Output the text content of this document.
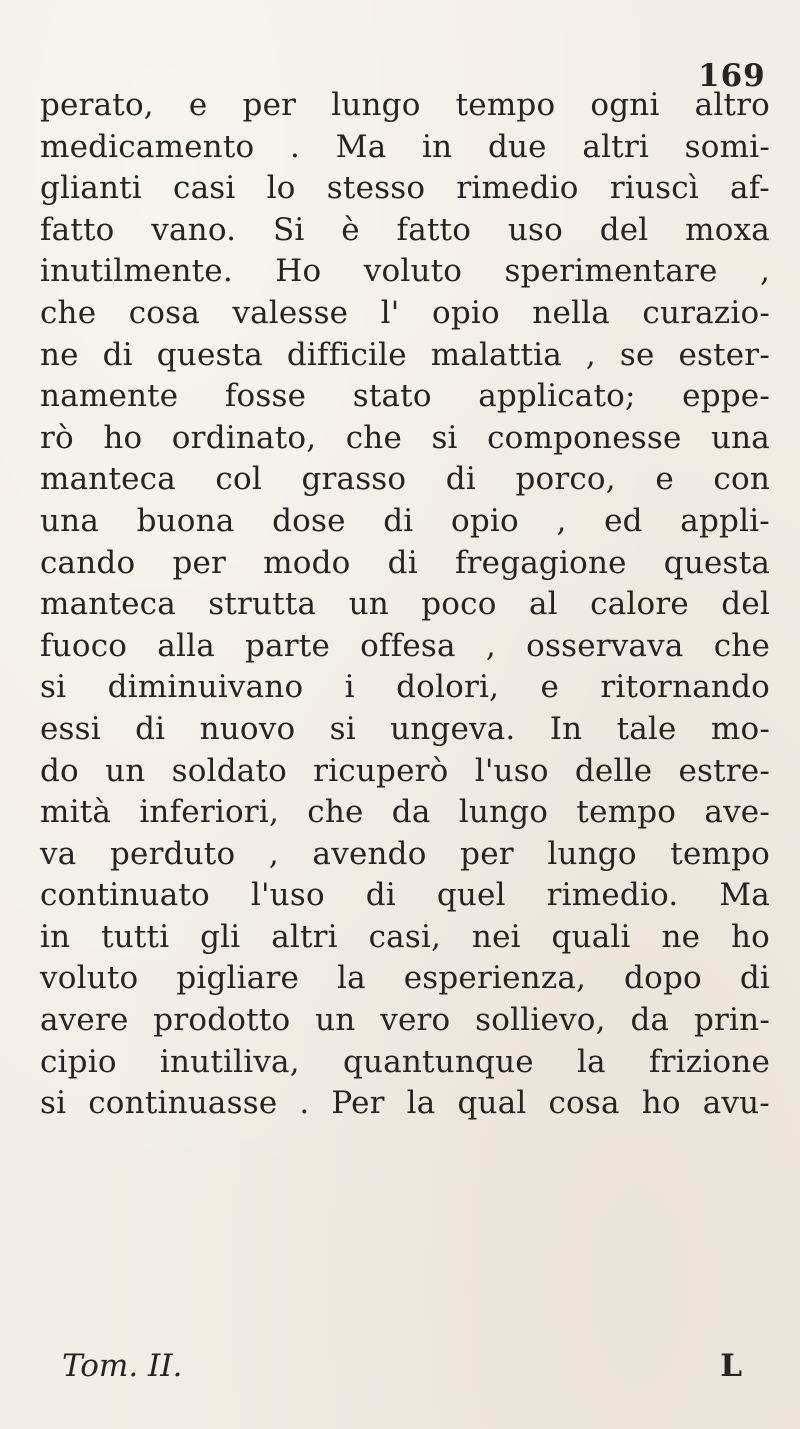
169
perato, e per lungo tempo ogni altro
medicamento . Ma in due altri somi-
glianti casi lo stesso rimedio riuscì af-
fatto vano. Si è fatto uso del moxa
inutilmente. Ho voluto sperimentare ,
che cosa valesse l' opio nella curazio-
ne di questa difficile malattia , se ester-
namente fosse stato applicato; eppe-
rò ho ordinato, che si componesse una
manteca col grasso di porco, e con
una buona dose di opio , ed appli-
cando per modo di fregagione questa
manteca strutta un poco al calore del
fuoco alla parte offesa , osservava che
si diminuivano i dolori, e ritornando
essi di nuovo si ungeva. In tale mo-
do un soldato ricuperò l'uso delle estre-
mità inferiori, che da lungo tempo ave-
va perduto , avendo per lungo tempo
continuato l'uso di quel rimedio. Ma
in tutti gli altri casi, nei quali ne ho
voluto pigliare la esperienza, dopo di
avere prodotto un vero sollievo, da prin-
cipio inutiliva, quantunque la frizione
si continuasse . Per la qual cosa ho avu-
Tom. II.	L
